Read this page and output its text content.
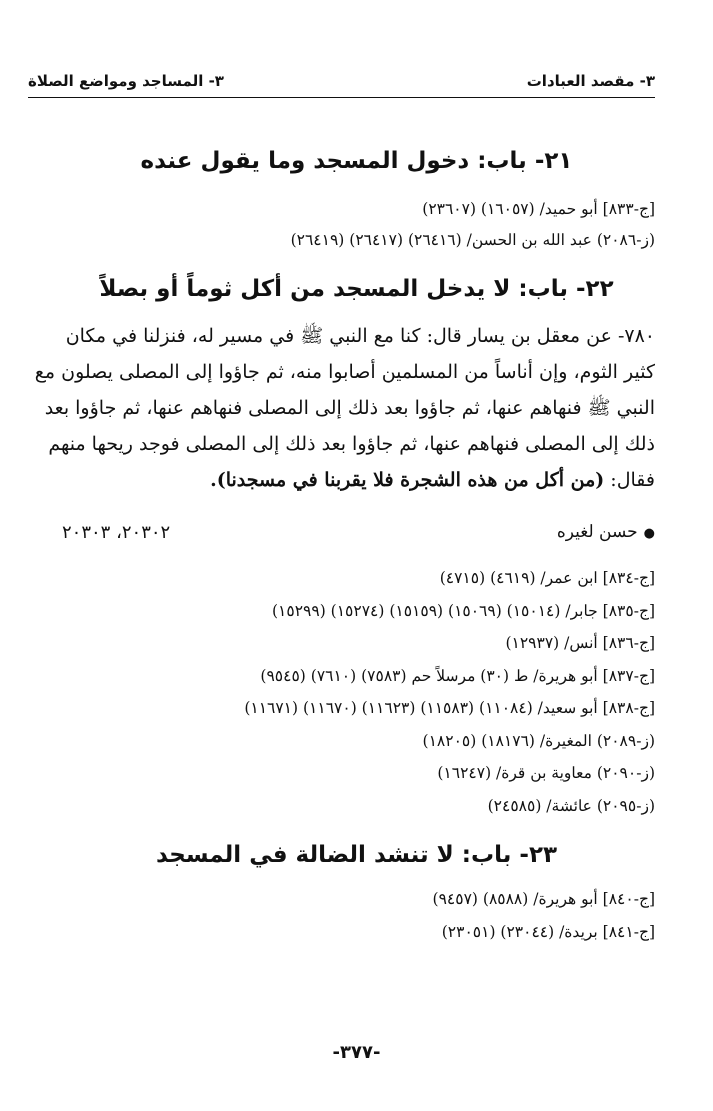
٣- مقصد العبادات
٣- المساجد ومواضع الصلاة
٢١- باب: دخول المسجد وما يقول عنده
[ج-٨٣٣] أبو حميد/ (١٦٠٥٧) (٢٣٦٠٧)
(ز-٢٠٨٦) عبد الله بن الحسن/ (٢٦٤١٦) (٢٦٤١٧) (٢٦٤١٩)
٢٢- باب: لا يدخل المسجد من أكل ثوماً أو بصلاً
٧٨٠- عن معقل بن يسار قال: كنا مع النبي ﷺ في مسير له، فنزلنا في مكان
كثير الثوم، وإن أناساً من المسلمين أصابوا منه، ثم جاؤوا إلى المصلى يصلون مع
النبي ﷺ فنهاهم عنها، ثم جاؤوا بعد ذلك إلى المصلى فنهاهم عنها، ثم جاؤوا بعد
ذلك إلى المصلى فنهاهم عنها، ثم جاؤوا بعد ذلك إلى المصلى فوجد ريحها منهم
فقال: (من أكل من هذه الشجرة فلا يقربنا في مسجدنا).
●حسن لغيره
٢٠٣٠٢، ٢٠٣٠٣
[ج-٨٣٤] ابن عمر/ (٤٦١٩) (٤٧١٥)
[ج-٨٣٥] جابر/ (١٥٠١٤) (١٥٠٦٩) (١٥١٥٩) (١٥٢٧٤) (١٥٢٩٩)
[ج-٨٣٦] أنس/ (١٢٩٣٧)
[ج-٨٣٧] أبو هريرة/ ط (٣٠) مرسلاً حم (٧٥٨٣) (٧٦١٠) (٩٥٤٥)
[ج-٨٣٨] أبو سعيد/ (١١٠٨٤) (١١٥٨٣) (١١٦٢٣) (١١٦٧٠) (١١٦٧١)
(ز-٢٠٨٩) المغيرة/ (١٨١٧٦) (١٨٢٠٥)
(ز-٢٠٩٠) معاوية بن قرة/ (١٦٢٤٧)
(ز-٢٠٩٥) عائشة/ (٢٤٥٨٥)
٢٣- باب: لا تنشد الضالة في المسجد
[ج-٨٤٠] أبو هريرة/ (٨٥٨٨) (٩٤٥٧)
[ج-٨٤١] بريدة/ (٢٣٠٤٤) (٢٣٠٥١)
-٣٧٧-
